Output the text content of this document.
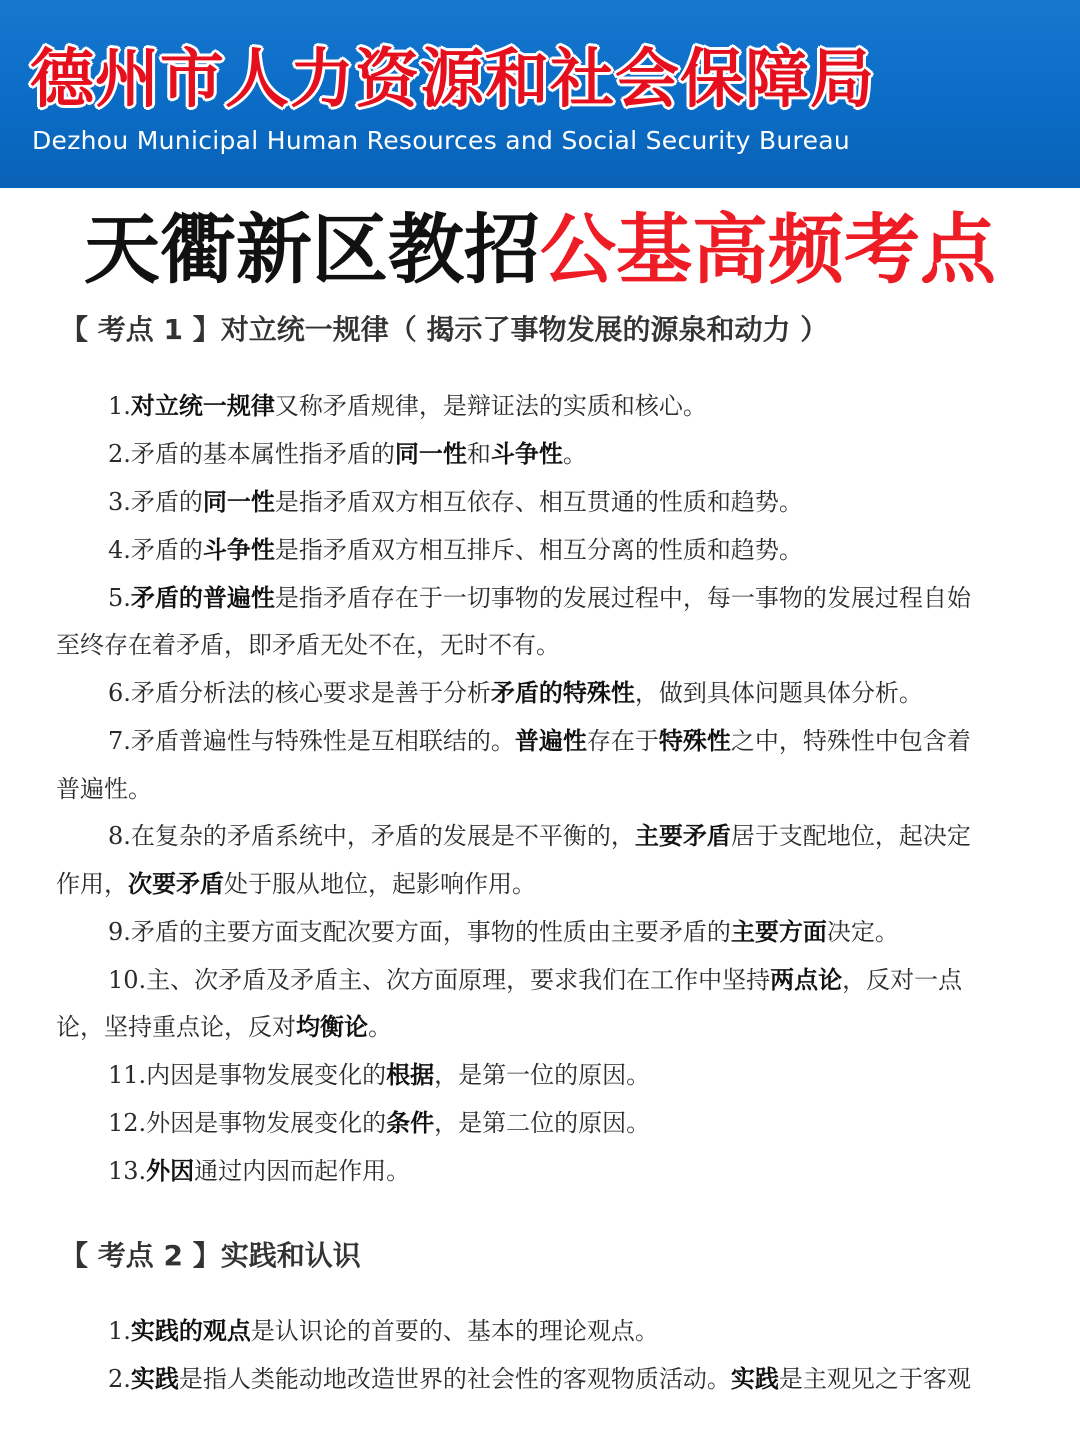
德州市人力资源和社会保障局
Dezhou Municipal Human Resources and Social Security Bureau
天衢新区教招公基高频考点
【 考点 1 】对立统一规律（ 揭示了事物发展的源泉和动力 ）
1.对立统一规律又称矛盾规律，是辩证法的实质和核心。
2.矛盾的基本属性指矛盾的同一性和斗争性。
3.矛盾的同一性是指矛盾双方相互依存、相互贯通的性质和趋势。
4.矛盾的斗争性是指矛盾双方相互排斥、相互分离的性质和趋势。
5.矛盾的普遍性是指矛盾存在于一切事物的发展过程中，每一事物的发展过程自始
至终存在着矛盾，即矛盾无处不在，无时不有。
6.矛盾分析法的核心要求是善于分析矛盾的特殊性，做到具体问题具体分析。
7.矛盾普遍性与特殊性是互相联结的。普遍性存在于特殊性之中，特殊性中包含着
普遍性。
8.在复杂的矛盾系统中，矛盾的发展是不平衡的，主要矛盾居于支配地位，起决定
作用，次要矛盾处于服从地位，起影响作用。
9.矛盾的主要方面支配次要方面，事物的性质由主要矛盾的主要方面决定。
10.主、次矛盾及矛盾主、次方面原理，要求我们在工作中坚持两点论，反对一点
论，坚持重点论，反对均衡论。
11.内因是事物发展变化的根据，是第一位的原因。
12.外因是事物发展变化的条件，是第二位的原因。
13.外因通过内因而起作用。
【 考点 2 】实践和认识
1.实践的观点是认识论的首要的、基本的理论观点。
2.实践是指人类能动地改造世界的社会性的客观物质活动。实践是主观见之于客观
